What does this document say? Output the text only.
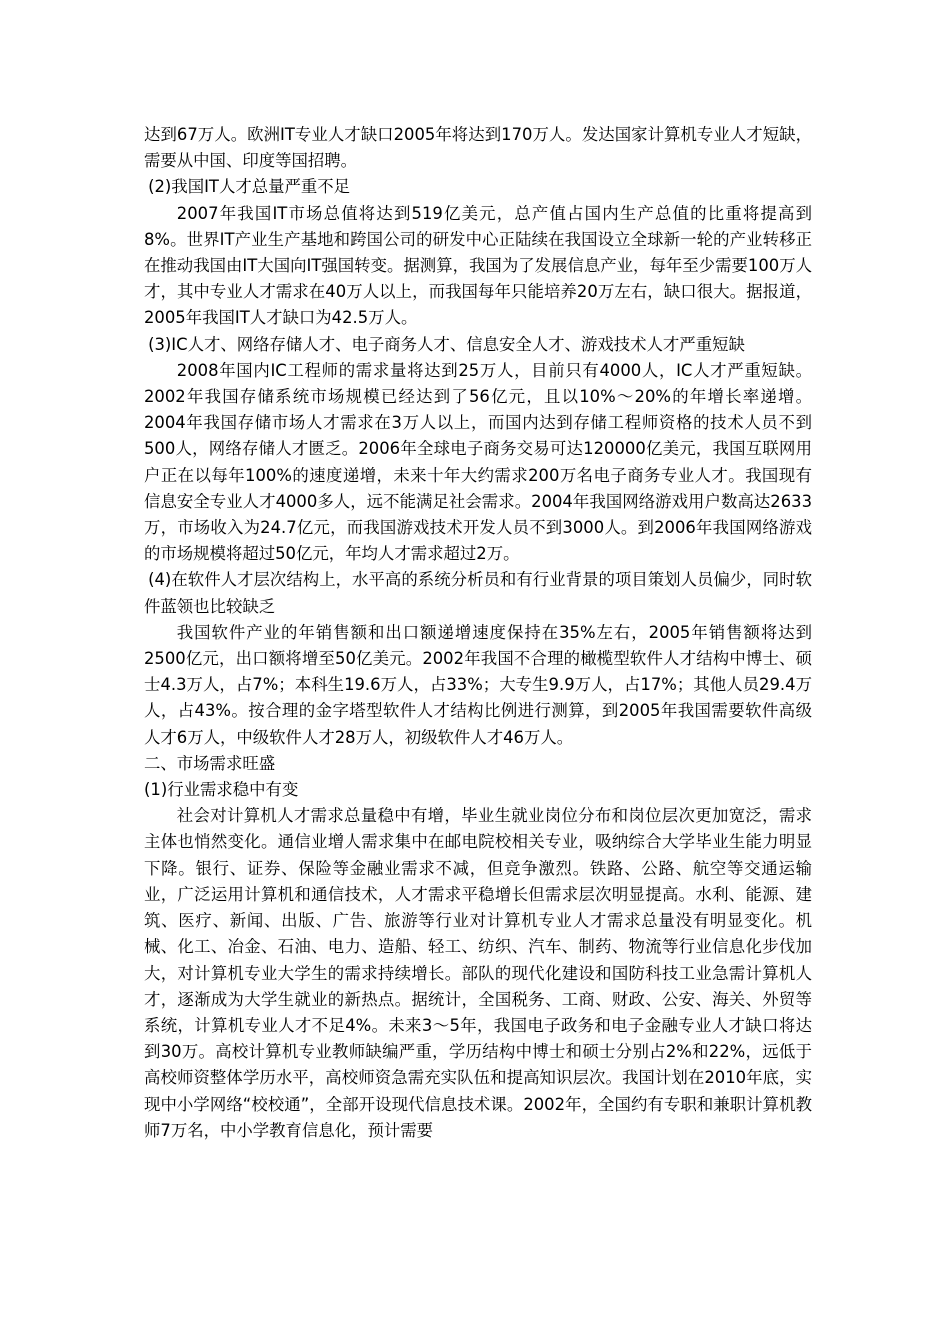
达到67万人。欧洲IT专业人才缺口2005年将达到170万人。发达国家计算机专业人才短缺，需要从中国、印度等国招聘。

(2)我国IT人才总量严重不足

2007年我国IT市场总值将达到519亿美元，总产值占国内生产总值的比重将提高到8%。世界IT产业生产基地和跨国公司的研发中心正陆续在我国设立全球新一轮的产业转移正在推动我国由IT大国向IT强国转变。据测算，我国为了发展信息产业，每年至少需要100万人才，其中专业人才需求在40万人以上，而我国每年只能培养20万左右，缺口很大。据报道，2005年我国IT人才缺口为42.5万人。

(3)IC人才、网络存储人才、电子商务人才、信息安全人才、游戏技术人才严重短缺

2008年国内IC工程师的需求量将达到25万人，目前只有4000人，IC人才严重短缺。2002年我国存储系统市场规模已经达到了56亿元，且以10%～20%的年增长率递增。2004年我国存储市场人才需求在3万人以上，而国内达到存储工程师资格的技术人员不到500人，网络存储人才匮乏。2006年全球电子商务交易可达120000亿美元，我国互联网用户正在以每年100%的速度递增，未来十年大约需求200万名电子商务专业人才。我国现有信息安全专业人才4000多人，远不能满足社会需求。2004年我国网络游戏用户数高达2633万，市场收入为24.7亿元，而我国游戏技术开发人员不到3000人。到2006年我国网络游戏的市场规模将超过50亿元，年均人才需求超过2万。

(4)在软件人才层次结构上，水平高的系统分析员和有行业背景的项目策划人员偏少，同时软件蓝领也比较缺乏

我国软件产业的年销售额和出口额递增速度保持在35%左右，2005年销售额将达到2500亿元，出口额将增至50亿美元。2002年我国不合理的橄榄型软件人才结构中博士、硕士4.3万人，占7%；本科生19.6万人，占33%；大专生9.9万人，占17%；其他人员29.4万人，占43%。按合理的金字塔型软件人才结构比例进行测算，到2005年我国需要软件高级人才6万人，中级软件人才28万人，初级软件人才46万人。

二、市场需求旺盛

(1)行业需求稳中有变

社会对计算机人才需求总量稳中有增，毕业生就业岗位分布和岗位层次更加宽泛，需求主体也悄然变化。通信业增人需求集中在邮电院校相关专业，吸纳综合大学毕业生能力明显下降。银行、证券、保险等金融业需求不减，但竞争激烈。铁路、公路、航空等交通运输业，广泛运用计算机和通信技术，人才需求平稳增长但需求层次明显提高。水利、能源、建筑、医疗、新闻、出版、广告、旅游等行业对计算机专业人才需求总量没有明显变化。机械、化工、冶金、石油、电力、造船、轻工、纺织、汽车、制药、物流等行业信息化步伐加大，对计算机专业大学生的需求持续增长。部队的现代化建设和国防科技工业急需计算机人才，逐渐成为大学生就业的新热点。据统计，全国税务、工商、财政、公安、海关、外贸等系统，计算机专业人才不足4%。未来3～5年，我国电子政务和电子金融专业人才缺口将达到30万。高校计算机专业教师缺编严重，学历结构中博士和硕士分别占2%和22%，远低于高校师资整体学历水平，高校师资急需充实队伍和提高知识层次。我国计划在2010年底，实现中小学网络“校校通”，全部开设现代信息技术课。2002年，全国约有专职和兼职计算机教师7万名，中小学教育信息化，预计需要
